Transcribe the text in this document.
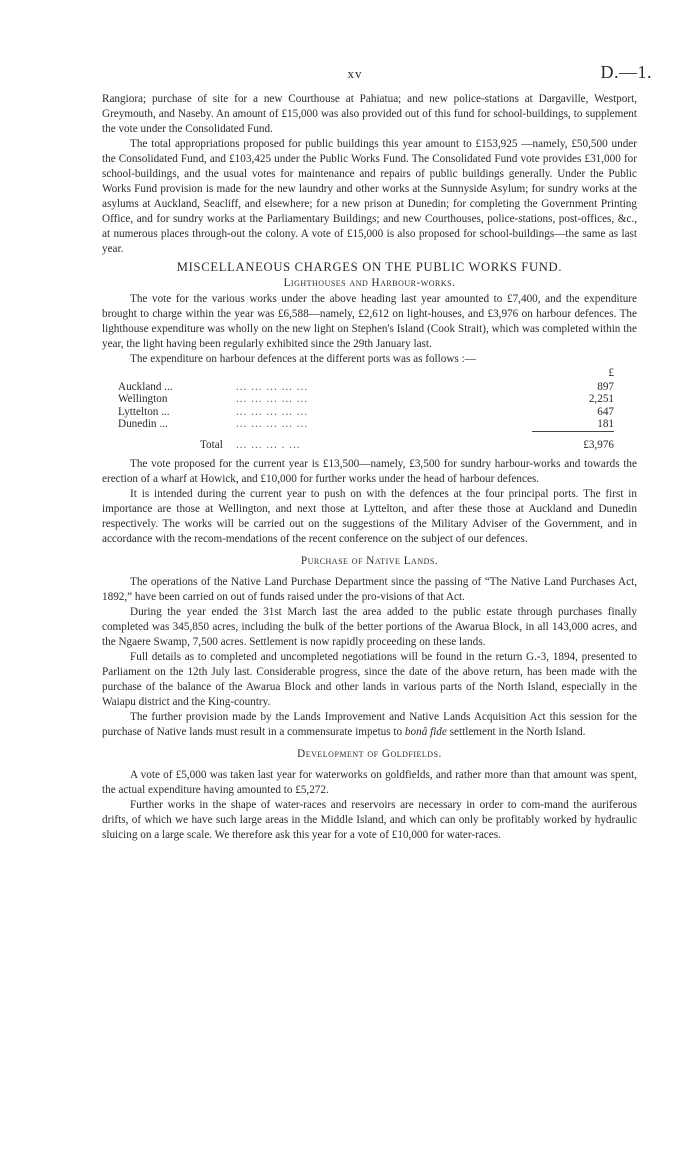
xv	D.—1.

Rangiora; purchase of site for a new Courthouse at Pahiatua; and new police-stations at Dargaville, Westport, Greymouth, and Naseby. An amount of £15,000 was also provided out of this fund for school-buildings, to supplement the vote under the Consolidated Fund.

The total appropriations proposed for public buildings this year amount to £153,925 —namely, £50,500 under the Consolidated Fund, and £103,425 under the Public Works Fund. The Consolidated Fund vote provides £31,000 for school-buildings, and the usual votes for maintenance and repairs of public buildings generally. Under the Public Works Fund provision is made for the new laundry and other works at the Sunnyside Asylum; for sundry works at the asylums at Auckland, Seacliff, and elsewhere; for a new prison at Dunedin; for completing the Government Printing Office, and for sundry works at the Parliamentary Buildings; and new Courthouses, police-stations, post-offices, &c., at numerous places through-out the colony. A vote of £15,000 is also proposed for school-buildings—the same as last year.

MISCELLANEOUS CHARGES ON THE PUBLIC WORKS FUND.
Lighthouses and Harbour-works.

The vote for the various works under the above heading last year amounted to £7,400, and the expenditure brought to charge within the year was £6,588—namely, £2,612 on light-houses, and £3,976 on harbour defences. The lighthouse expenditure was wholly on the new light on Stephen's Island (Cook Strait), which was completed within the year, the light having been regularly exhibited since the 29th January last.

The expenditure on harbour defences at the different ports was as follows :—

		£
Auckland ...	... ... ... ... ...	897
Wellington	... ... ... ... ...	2,251
Lyttelton ...	... ... ... ... ...	647
Dunedin ...	... ... ... ... ...	181
Total	... ... ... . ...	£3,976

The vote proposed for the current year is £13,500—namely, £3,500 for sundry harbour-works and towards the erection of a wharf at Howick, and £10,000 for further works under the head of harbour defences.

It is intended during the current year to push on with the defences at the four principal ports. The first in importance are those at Wellington, and next those at Lyttelton, and after these those at Auckland and Dunedin respectively. The works will be carried out on the suggestions of the Military Adviser of the Government, and in accordance with the recom-mendations of the recent conference on the subject of our defences.

Purchase of Native Lands.

The operations of the Native Land Purchase Department since the passing of “The Native Land Purchases Act, 1892,” have been carried on out of funds raised under the pro-visions of that Act.

During the year ended the 31st March last the area added to the public estate through purchases finally completed was 345,850 acres, including the bulk of the better portions of the Awarua Block, in all 143,000 acres, and the Ngaere Swamp, 7,500 acres. Settlement is now rapidly proceeding on these lands.

Full details as to completed and uncompleted negotiations will be found in the return G.-3, 1894, presented to Parliament on the 12th July last. Considerable progress, since the date of the above return, has been made with the purchase of the balance of the Awarua Block and other lands in various parts of the North Island, especially in the Waiapu district and the King-country.

The further provision made by the Lands Improvement and Native Lands Acquisition Act this session for the purchase of Native lands must result in a commensurate impetus to bonâ fide settlement in the North Island.

Development of Goldfields.

A vote of £5,000 was taken last year for waterworks on goldfields, and rather more than that amount was spent, the actual expenditure having amounted to £5,272.

Further works in the shape of water-races and reservoirs are necessary in order to com-mand the auriferous drifts, of which we have such large areas in the Middle Island, and which can only be profitably worked by hydraulic sluicing on a large scale. We therefore ask this year for a vote of £10,000 for water-races.
